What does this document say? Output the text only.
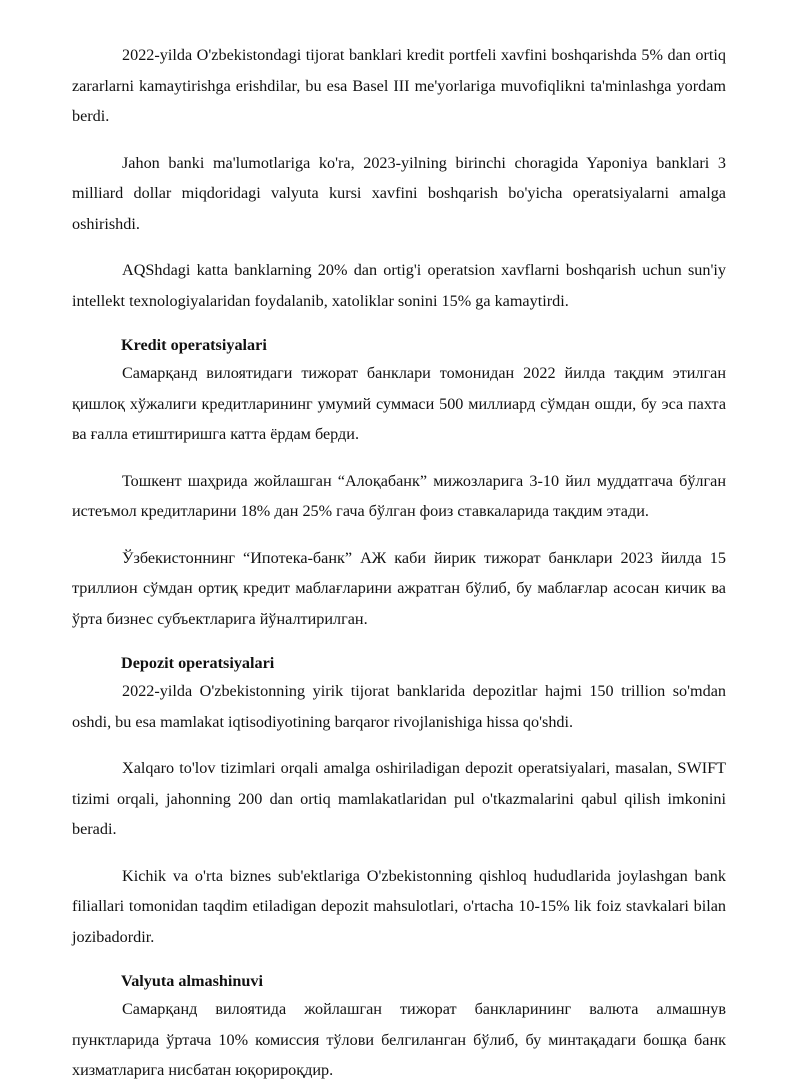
2022-yilda O'zbekistondagi tijorat banklari kredit portfeli xavfini boshqarishda 5% dan ortiq zararlarni kamaytirishga erishdilar, bu esa Basel III me'yorlariga muvofiqlikni ta'minlashga yordam berdi.

Jahon banki ma'lumotlariga ko'ra, 2023-yilning birinchi choragida Yaponiya banklari 3 milliard dollar miqdoridagi valyuta kursi xavfini boshqarish bo'yicha operatsiyalarni amalga oshirishdi.

AQShdagi katta banklarning 20% dan ortig'i operatsion xavflarni boshqarish uchun sun'iy intellekt texnologiyalaridan foydalanib, xatoliklar sonini 15% ga kamaytirdi.

Kredit operatsiyalari

Самарқанд вилоятидаги тижорат банклари томонидан 2022 йилда тақдим этилган қишлоқ хўжалиги кредитларининг умумий суммаси 500 миллиард сўмдан ошди, бу эса пахта ва ғалла етиштиришга катта ёрдам берди.

Тошкент шаҳрида жойлашган “Алоқабанк” мижозларига 3-10 йил муддатгача бўлган истеъмол кредитларини 18% дан 25% гача бўлган фоиз ставкаларида тақдим этади.

Ўзбекистоннинг “Ипотека-банк” АЖ каби йирик тижорат банклари 2023 йилда 15 триллион сўмдан ортиқ кредит маблағларини ажратган бўлиб, бу маблағлар асосан кичик ва ўрта бизнес субъектларига йўналтирилган.

Depozit operatsiyalari

2022-yilda O'zbekistonning yirik tijorat banklarida depozitlar hajmi 150 trillion so'mdan oshdi, bu esa mamlakat iqtisodiyotining barqaror rivojlanishiga hissa qo'shdi.

Xalqaro to'lov tizimlari orqali amalga oshiriladigan depozit operatsiyalari, masalan, SWIFT tizimi orqali, jahonning 200 dan ortiq mamlakatlaridan pul o'tkazmalarini qabul qilish imkonini beradi.

Kichik va o'rta biznes sub'ektlariga O'zbekistonning qishloq hududlarida joylashgan bank filiallari tomonidan taqdim etiladigan depozit mahsulotlari, o'rtacha 10-15% lik foiz stavkalari bilan jozibadordir.

Valyuta almashinuvi

Самарқанд вилоятида жойлашган тижорат банкларининг валюта алмашнув пунктларида ўртача 10% комиссия тўлови белгиланган бўлиб, бу минтақадаги бошқа банк хизматларига нисбатан юқорироқдир.
